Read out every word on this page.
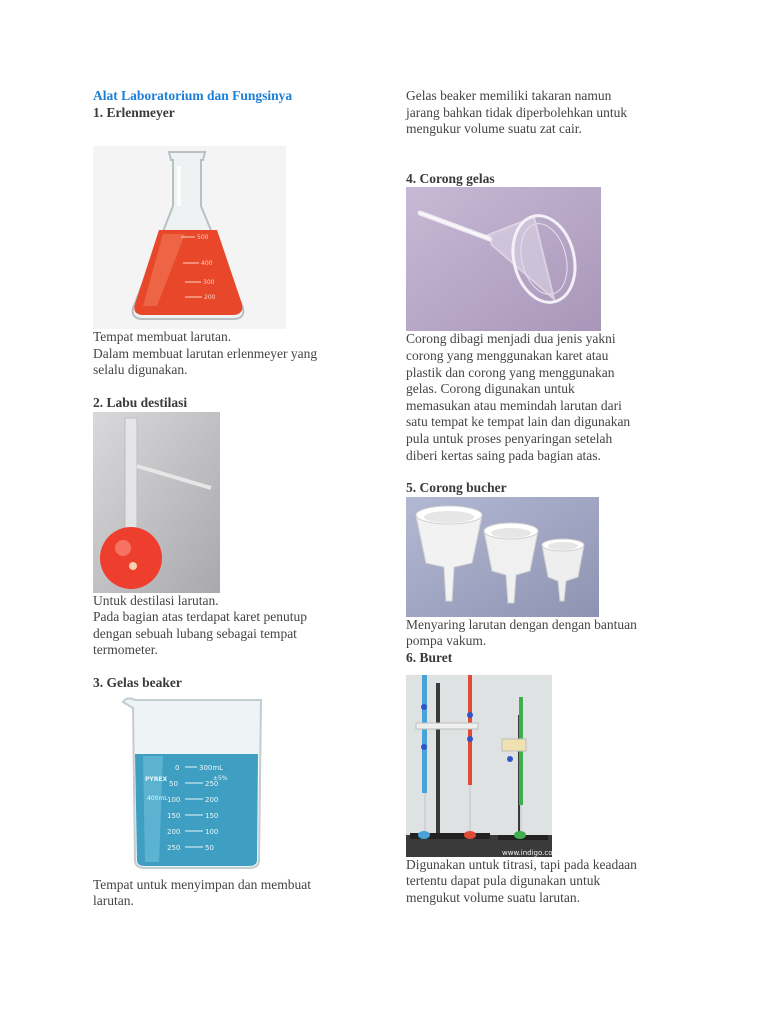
Alat Laboratorium dan Fungsinya
1. Erlenmeyer
500
400
300
200
Tempat membuat larutan.
Dalam membuat larutan erlenmeyer yang
selalu digunakan.
2. Labu destilasi
Untuk destilasi larutan.
Pada bagian atas terdapat karet penutup
dengan sebuah lubang sebagai tempat
termometer.
3. Gelas beaker
300mL
±5%
PYREX
400mL
0
50
100
150
200
250
250
200
150
100
50
Tempat untuk menyimpan dan membuat
larutan.
Gelas beaker memiliki takaran namun
jarang bahkan tidak diperbolehkan untuk
mengukur volume suatu zat cair.
4. Corong gelas
Corong dibagi menjadi dua jenis yakni
corong yang menggunakan karet atau
plastik dan corong yang menggunakan
gelas. Corong digunakan untuk
memasukan atau memindah larutan dari
satu tempat ke tempat lain dan digunakan
pula untuk proses penyaringan setelah
diberi kertas saing pada bagian atas.
5. Corong bucher
Menyaring larutan dengan dengan bantuan
pompa vakum.
6. Buret
www.indigo.com
Digunakan untuk titrasi, tapi pada keadaan
tertentu dapat pula digunakan untuk
mengukut volume suatu larutan.
